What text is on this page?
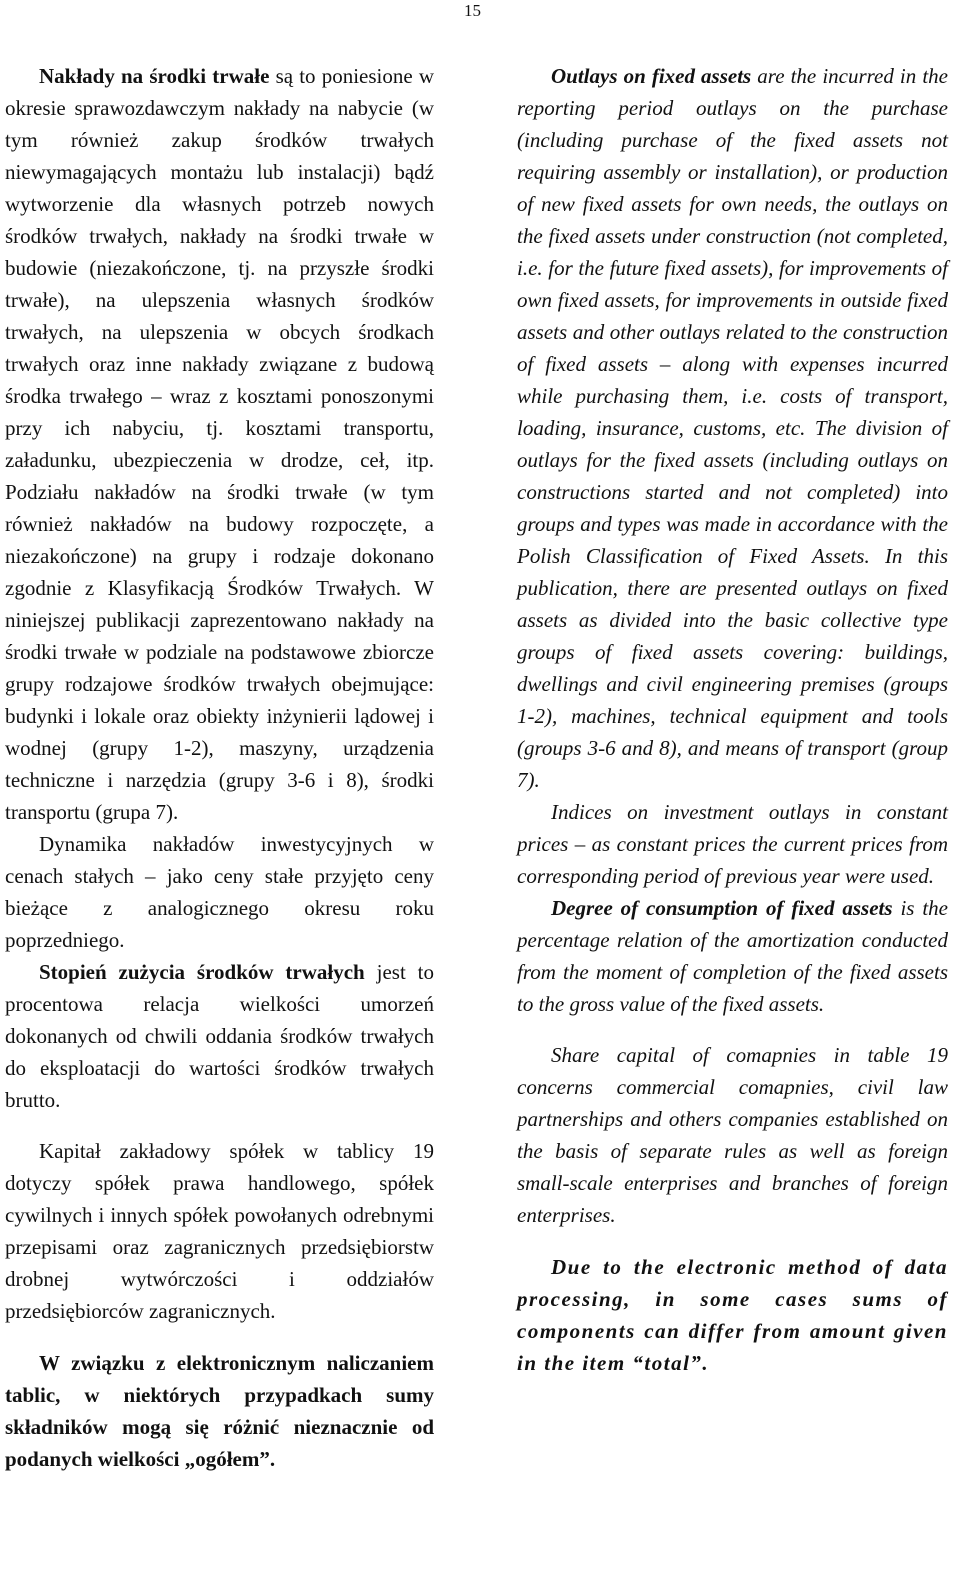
15

Nakłady na środki trwałe są to poniesione w okresie sprawozdawczym nakłady na nabycie (w tym również zakup środków trwałych niewymagających montażu lub instalacji) bądź wytworzenie dla własnych potrzeb nowych środków trwałych, nakłady na środki trwałe w budowie (niezakończone, tj. na przyszłe środki trwałe), na ulepszenia własnych środków trwałych, na ulepszenia w obcych środkach trwałych oraz inne nakłady związane z budową środka trwałego – wraz z kosztami ponoszonymi przy ich nabyciu, tj. kosztami transportu, załadunku, ubezpieczenia w drodze, ceł, itp. Podziału nakładów na środki trwałe (w tym również nakładów na budowy rozpoczęte, a niezakończone) na grupy i rodzaje dokonano zgodnie z Klasyfikacją Środków Trwałych. W niniejszej publikacji zaprezentowano nakłady na środki trwałe w podziale na podstawowe zbiorcze grupy rodzajowe środków trwałych obejmujące: budynki i lokale oraz obiekty inżynierii lądowej i wodnej (grupy 1-2), maszyny, urządzenia techniczne i narzędzia (grupy 3-6 i 8), środki transportu (grupa 7).

Dynamika nakładów inwestycyjnych w cenach stałych – jako ceny stałe przyjęto ceny bieżące z analogicznego okresu roku poprzedniego.

Stopień zużycia środków trwałych jest to procentowa relacja wielkości umorzeń dokonanych od chwili oddania środków trwałych do eksploatacji do wartości środków trwałych brutto.

Kapitał zakładowy spółek w tablicy 19 dotyczy spółek prawa handlowego, spółek cywilnych i innych spółek powołanych odrebnymi przepisami oraz zagranicznych przedsiębiorstw drobnej wytwórczości i oddziałów przedsiębiorców zagranicznych.

W związku z elektronicznym naliczaniem tablic, w niektórych przypadkach sumy składników mogą się różnić nieznacznie od podanych wielkości „ogółem”.

Outlays on fixed assets are the incurred in the reporting period outlays on the purchase (including purchase of the fixed assets not requiring assembly or installation), or production of new fixed assets for own needs, the outlays on the fixed assets under construction (not completed, i.e. for the future fixed assets), for improvements of own fixed assets, for improvements in outside fixed assets and other outlays related to the construction of fixed assets – along with expenses incurred while purchasing them, i.e. costs of transport, loading, insurance, customs, etc. The division of outlays for the fixed assets (including outlays on constructions started and not completed) into groups and types was made in accordance with the Polish Classification of Fixed Assets. In this publication, there are presented outlays on fixed assets as divided into the basic collective type groups of fixed assets covering: buildings, dwellings and civil engineering premises (groups 1-2), machines, technical equipment and tools (groups 3-6 and 8), and means of transport (group 7).

Indices on investment outlays in constant prices – as constant prices the current prices from corresponding period of previous year were used.

Degree of consumption of fixed assets is the percentage relation of the amortization conducted from the moment of completion of the fixed assets to the gross value of the fixed assets.

Share capital of comapnies in table 19 concerns commercial comapnies, civil law partnerships and others companies established on the basis of separate rules as well as foreign small-scale enterprises and branches of foreign enterprises.

Due to the electronic method of data processing, in some cases sums of components can differ from amount given in the item “total”.
